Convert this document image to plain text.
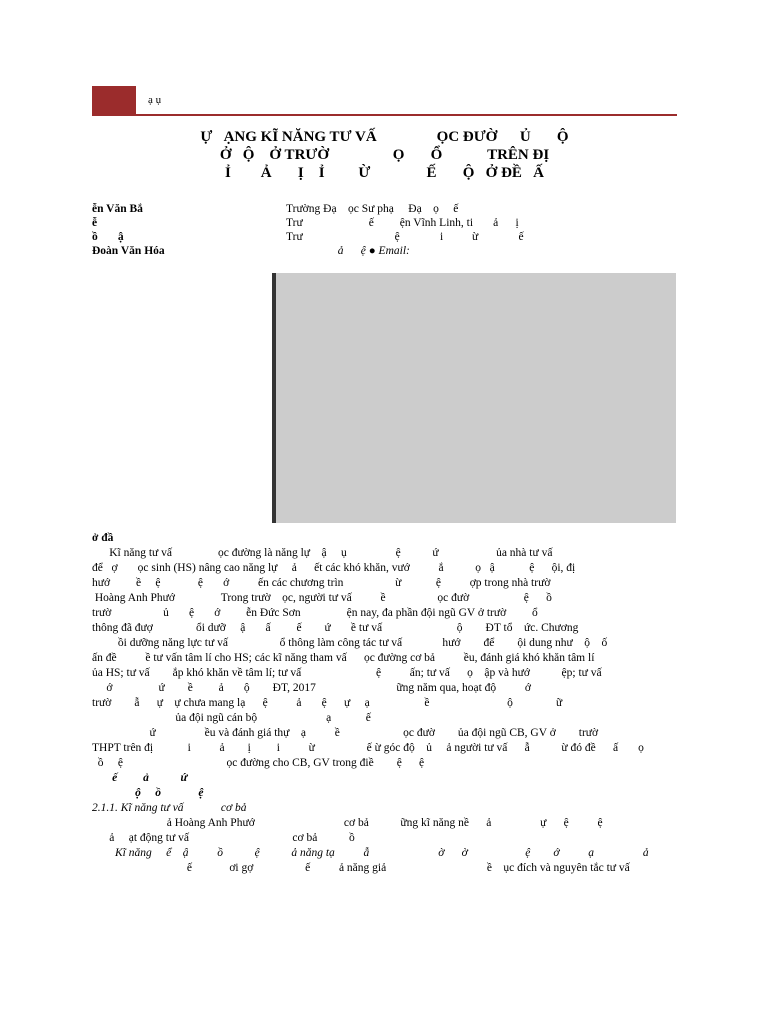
ạ ụ
Ự   ẠNG KĨ NĂNG TƯ VẤ                ỌC ĐƯỜ      Ủ       Ộ
Ở   Ộ    Ở TRƯỜ                 Ọ       Ổ            TRÊN ĐỊ
Ỉ        Ả       Ị    Ỉ         Ừ               Ế       Ộ   Ở ĐỀ   Ấ
ễn Văn Bắ	Trường Đạ    ọc Sư phạ     Đạ    ọ     ế
ễ	Trư                       ế         ện Vĩnh Linh, ti       ả      ị
ồ       ậ	Trư                                ệ              i          ừ              ế
Đoàn Văn Hóa	ả      ệ ● Email:
ở đầ
Kĩ năng tư vấ                ọc đường là năng lự    ậ     ụ                 ệ           ứ                    ủa nhà tư vấ
để   ợ       ọc sinh (HS) nâng cao năng lự     ả      ết các khó khăn, vướ          ắ           ọ   ậ            ệ      ội, đị
hướ         ề     ệ             ệ       ớ          ến các chương trìn                  ừ            ệ          ợp trong nhà trườ
Hoàng Anh Phướ                Trong trườ    ọc, người tư vấ          ề                  ọc đườ                   ệ      ồ
trườ                  ủ       ệ       ớ         ễn Đức Sơn                ện nay, đa phần đội ngũ GV ở trườ         ổ
thông đã đượ               ổi dưỡ     ậ       ấ         ế        ứ       ề tư vấ                          ộ        ĐT tổ    ức. Chương
ồi dưỡng năng lực tư vấ                  ổ thông làm công tác tư vấ              hướ        để        ội dung như    ộ    ố
ấn đề          ề tư vấn tâm lí cho HS; các kĩ năng tham vấ      ọc đường cơ bả          ều, đánh giá khó khăn tâm lí
ủa HS; tư vấ        ắp khó khăn về tâm lí; tư vấ                          ệ          ấn; tư vấ      ọ    ập và hướ           ệp; tư vấ
ớ                ứ        ề         ả       ộ        ĐT, 2017                            ững năm qua, hoạt độ          ớ
trườ        ẫ      ự    ự chưa mang lạ      ệ          ả       ệ      ự     ạ                   ề                           ộ               ữ
ủa đội ngũ cán bộ                        ạ            ế
ứ                 ều và đánh giá thự    ạ          ề                      ọc đườ        ủa đội ngũ CB, GV ở        trườ
THPT trên đị            i          ả        ị         i          ừ                  ế ừ góc độ    ủ     ả người tư vấ      ẫ           ừ đó đề      ấ       ọ
ồ     ệ                                    ọc đường cho CB, GV trong điề        ệ      ệ
ế         ả           ứ
ộ     ồ             ệ
2.1.1. Kĩ năng tư vấ             cơ bả
ả Hoàng Anh Phướ                               cơ bả           ững kĩ năng nề      ả                 ự      ệ          ệ
ả     ạt động tư vấ                                    cơ bả           ồ
Kĩ năng     ể    ậ          ồ           ệ           ả năng tạ          ẫ                        ờ      ờ                    ệ        ớ          ạ                 ả
ế             ơi gợ                  ế          ả năng giả                                   ề    ục đích và nguyên tắc tư vấ
